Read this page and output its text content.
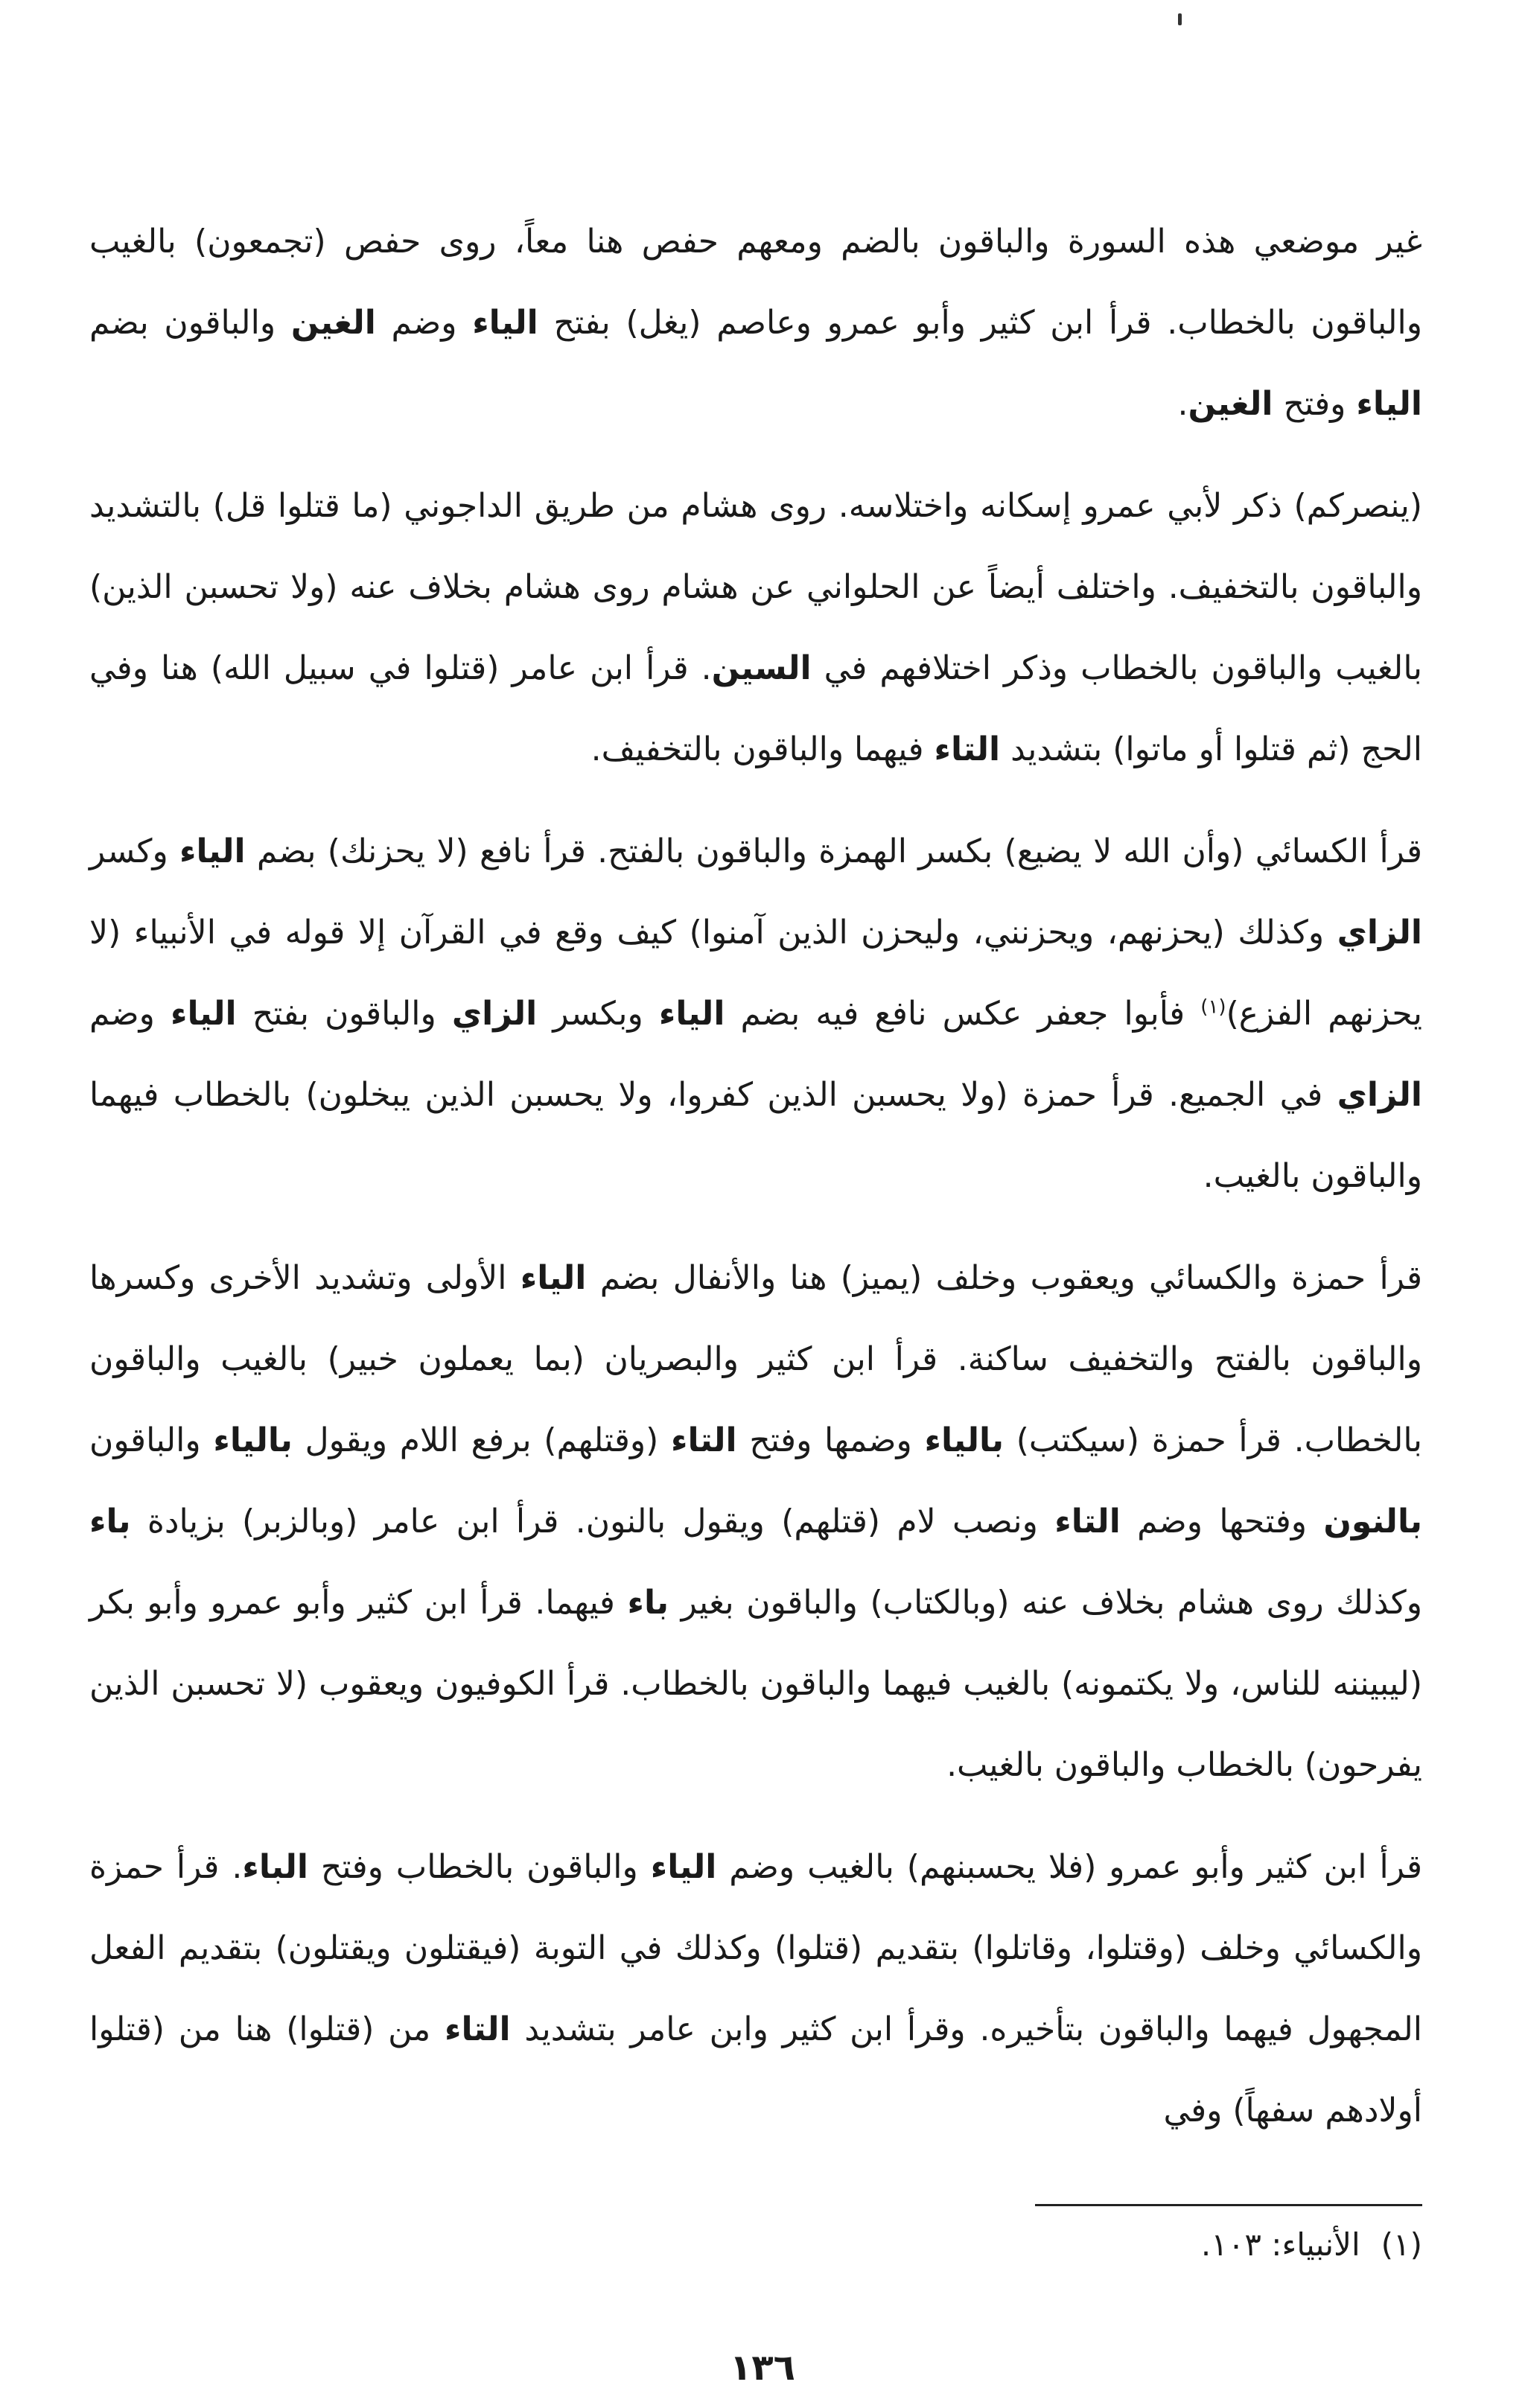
غير موضعي هذه السورة والباقون بالضم ومعهم حفص هنا معاً، روى حفص (تجمعون) بالغيب والباقون بالخطاب. قرأ ابن كثير وأبو عمرو وعاصم (يغل) بفتح الياء وضم الغين والباقون بضم الياء وفتح الغين.

(ينصركم) ذكر لأبي عمرو إسكانه واختلاسه. روى هشام من طريق الداجوني (ما قتلوا قل) بالتشديد والباقون بالتخفيف. واختلف أيضاً عن الحلواني عن هشام روى هشام بخلاف عنه (ولا تحسبن الذين) بالغيب والباقون بالخطاب وذكر اختلافهم في السين. قرأ ابن عامر (قتلوا في سبيل الله) هنا وفي الحج (ثم قتلوا أو ماتوا) بتشديد التاء فيهما والباقون بالتخفيف.

قرأ الكسائي (وأن الله لا يضيع) بكسر الهمزة والباقون بالفتح. قرأ نافع (لا يحزنك) بضم الياء وكسر الزاي وكذلك (يحزنهم، ويحزنني، وليحزن الذين آمنوا) كيف وقع في القرآن إلا قوله في الأنبياء (لا يحزنهم الفزع)$^{(١)}$ فأبوا جعفر عكس نافع فيه بضم الياء وبكسر الزاي والباقون بفتح الياء وضم الزاي في الجميع. قرأ حمزة (ولا يحسبن الذين كفروا، ولا يحسبن الذين يبخلون) بالخطاب فيهما والباقون بالغيب.

قرأ حمزة والكسائي ويعقوب وخلف (يميز) هنا والأنفال بضم الياء الأولى وتشديد الأخرى وكسرها والباقون بالفتح والتخفيف ساكنة. قرأ ابن كثير والبصريان (بما يعملون خبير) بالغيب والباقون بالخطاب. قرأ حمزة (سيكتب) بالياء وضمها وفتح التاء (وقتلهم) برفع اللام ويقول بالياء والباقون بالنون وفتحها وضم التاء ونصب لام (قتلهم) ويقول بالنون. قرأ ابن عامر (وبالزبر) بزيادة باء وكذلك روى هشام بخلاف عنه (وبالكتاب) والباقون بغير باء فيهما. قرأ ابن كثير وأبو عمرو وأبو بكر (ليبيننه للناس، ولا يكتمونه) بالغيب فيهما والباقون بالخطاب. قرأ الكوفيون ويعقوب (لا تحسبن الذين يفرحون) بالخطاب والباقون بالغيب.

قرأ ابن كثير وأبو عمرو (فلا يحسبنهم) بالغيب وضم الياء والباقون بالخطاب وفتح الباء. قرأ حمزة والكسائي وخلف (وقتلوا، وقاتلوا) بتقديم (قتلوا) وكذلك في التوبة (فيقتلون ويقتلون) بتقديم الفعل المجهول فيهما والباقون بتأخيره. وقرأ ابن كثير وابن عامر بتشديد التاء من (قتلوا) هنا من (قتلوا أولادهم سفهاً) وفي

(١)الأنبياء: ١٠٣.
١٣٦
